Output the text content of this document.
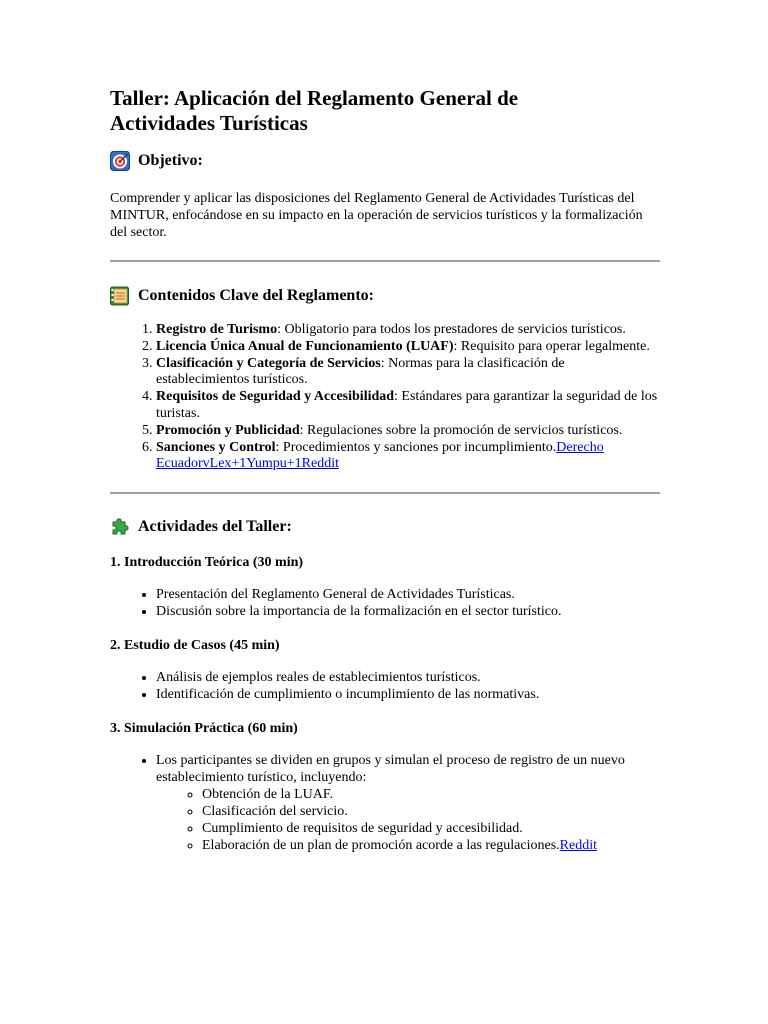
Taller: Aplicación del Reglamento General de
Actividades Turísticas
Objetivo:

Comprender y aplicar las disposiciones del Reglamento General de Actividades Turísticas del MINTUR, enfocándose en su impacto en la operación de servicios turísticos y la formalización del sector.

Contenidos Clave del Reglamento:
1. Registro de Turismo: Obligatorio para todos los prestadores de servicios turísticos.
2. Licencia Única Anual de Funcionamiento (LUAF): Requisito para operar legalmente.
3. Clasificación y Categoría de Servicios: Normas para la clasificación de establecimientos turísticos.
4. Requisitos de Seguridad y Accesibilidad: Estándares para garantizar la seguridad de los turistas.
5. Promoción y Publicidad: Regulaciones sobre la promoción de servicios turísticos.
6. Sanciones y Control: Procedimientos y sanciones por incumplimiento.Derecho EcuadorvLex+1Yumpu+1Reddit
Actividades del Taller:
1. Introducción Teórica (30 min)
• Presentación del Reglamento General de Actividades Turísticas.
• Discusión sobre la importancia de la formalización en el sector turístico.
2. Estudio de Casos (45 min)
• Análisis de ejemplos reales de establecimientos turísticos.
• Identificación de cumplimiento o incumplimiento de las normativas.
3. Simulación Práctica (60 min)
• Los participantes se dividen en grupos y simulan el proceso de registro de un nuevo establecimiento turístico, incluyendo:
◦ Obtención de la LUAF.
◦ Clasificación del servicio.
◦ Cumplimiento de requisitos de seguridad y accesibilidad.
◦ Elaboración de un plan de promoción acorde a las regulaciones.Reddit
